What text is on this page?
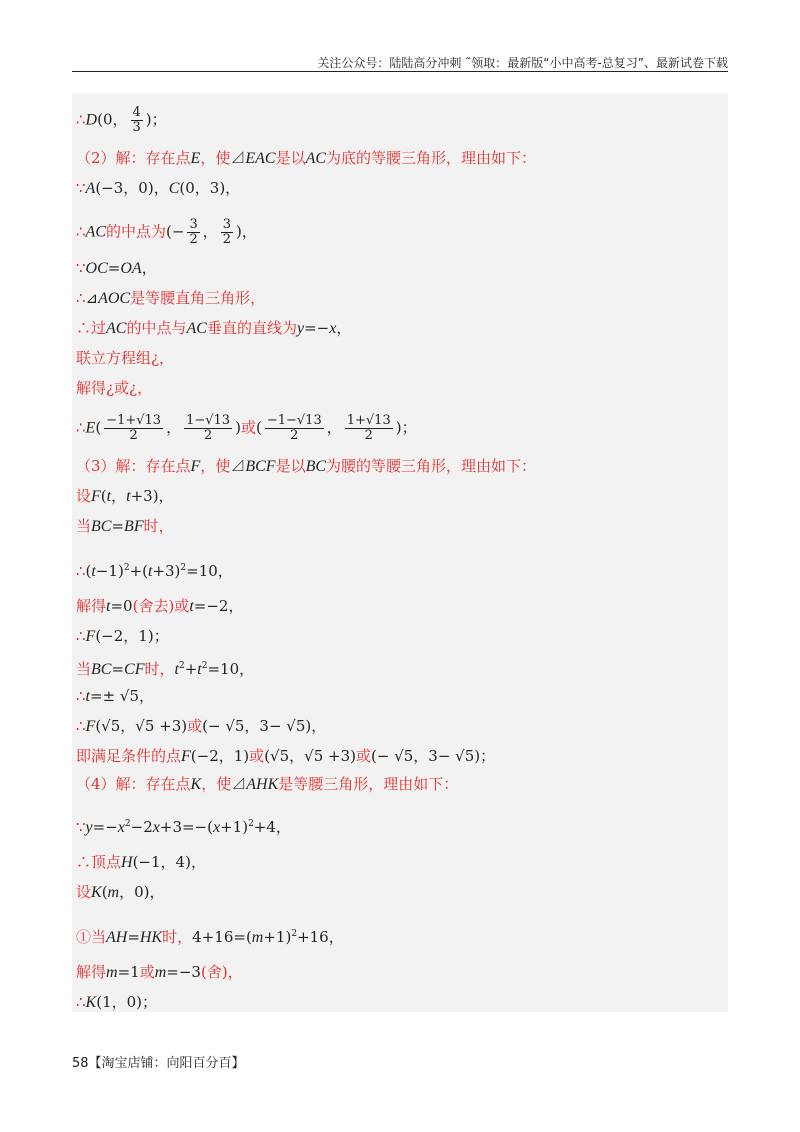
关注公众号：陆陆高分冲刺 ˜领取：最新版“小中高考-总复习”、最新试卷下载
∴D(0， $\frac{4}{3}$ )；
（2）解：存在点E，使⊿EAC是以AC为底的等腰三角形，理由如下：
∵A(−3，0)，C(0，3)，
∴AC的中点为(− $\frac{3}{2}$ ， $\frac{3}{2}$ )，
∵OC=OA，
∴⊿AOC是等腰直角三角形，
∴过AC的中点与AC垂直的直线为y=−x，
联立方程组¿，
解得¿或¿，
∴E( $\frac{-1+√13}{2}$ ， $\frac{1-√13}{2}$ )或( $\frac{-1-√13}{2}$ ， $\frac{1+√13}{2}$ )；
（3）解：存在点F，使⊿BCF是以BC为腰的等腰三角形，理由如下：
设F(t，t+3)，
当BC=BF时，
$\therefore(t-1)^2+(t+3)^2=10$，
解得t=0(舍去)或t=−2，
∴F(−2，1)；
当BC=CF时，$t^2+t^2=10$，
∴t=± √5，
∴F(√5，√5 +3)或(− √5，3− √5)，
即满足条件的点F(−2，1)或(√5，√5 +3)或(− √5，3− √5)；
（4）解：存在点K，使⊿AHK是等腰三角形，理由如下：
$\because y=-x^2-2x+3=-(x+1)^2+4$，
∴顶点H(−1，4)，
设K(m，0)，
①当AH=HK时，$4+16=(m+1)^2+16$，
解得m=1或m=−3(舍)，
∴K(1，0)；
58【淘宝店铺：向阳百分百】
